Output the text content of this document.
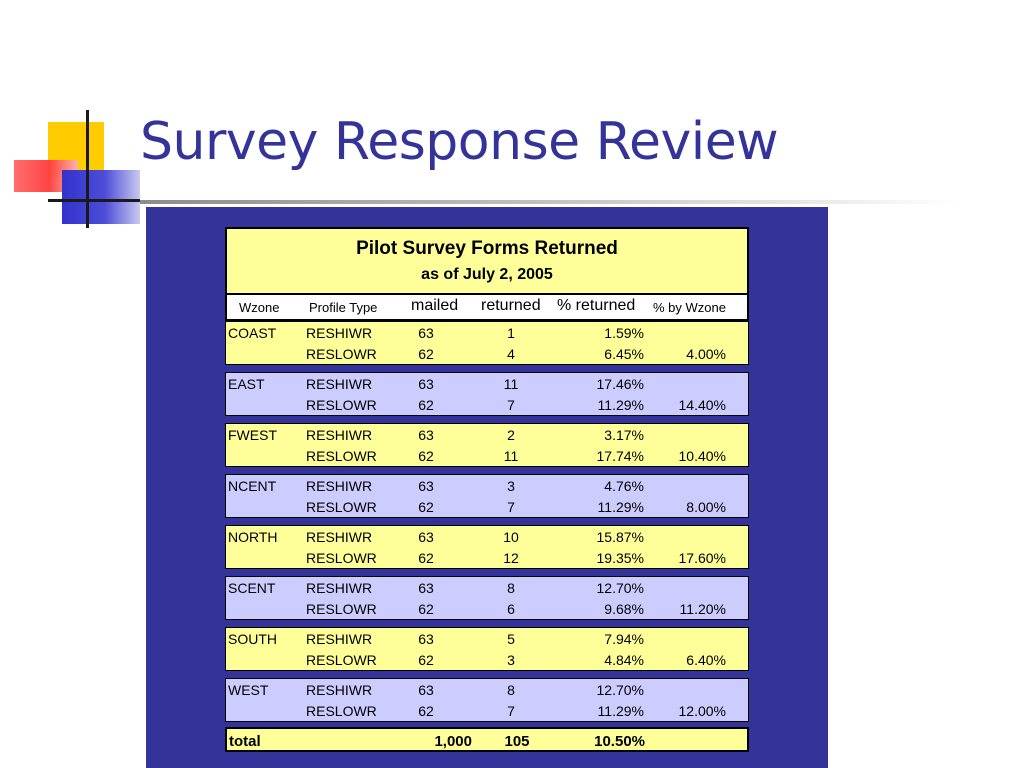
Survey Response Review
Pilot Survey Forms Returned
as of July 2, 2005
Wzone Profile Type mailed returned % returned % by Wzone
COAST RESHIWR	63	1	1.59%
RESLOWR	62	4	6.45%	4.00%
EAST	RESHIWR	63	11	17.46%
RESLOWR	62	7	11.29%	14.40%
FWEST RESHIWR	63	2	3.17%
RESLOWR	62	11	17.74%	10.40%
NCENT RESHIWR	63	3	4.76%
RESLOWR	62	7	11.29%	8.00%
NORTH RESHIWR	63	10	15.87%
RESLOWR	62	12	19.35%	17.60%
SCENT RESHIWR	63	8	12.70%
RESLOWR	62	6	9.68%	11.20%
SOUTH RESHIWR	63	5	7.94%
RESLOWR	62	3	4.84%	6.40%
WEST	RESHIWR	63	8	12.70%
RESLOWR	62	7	11.29%	12.00%
total	1,000	105	10.50%
